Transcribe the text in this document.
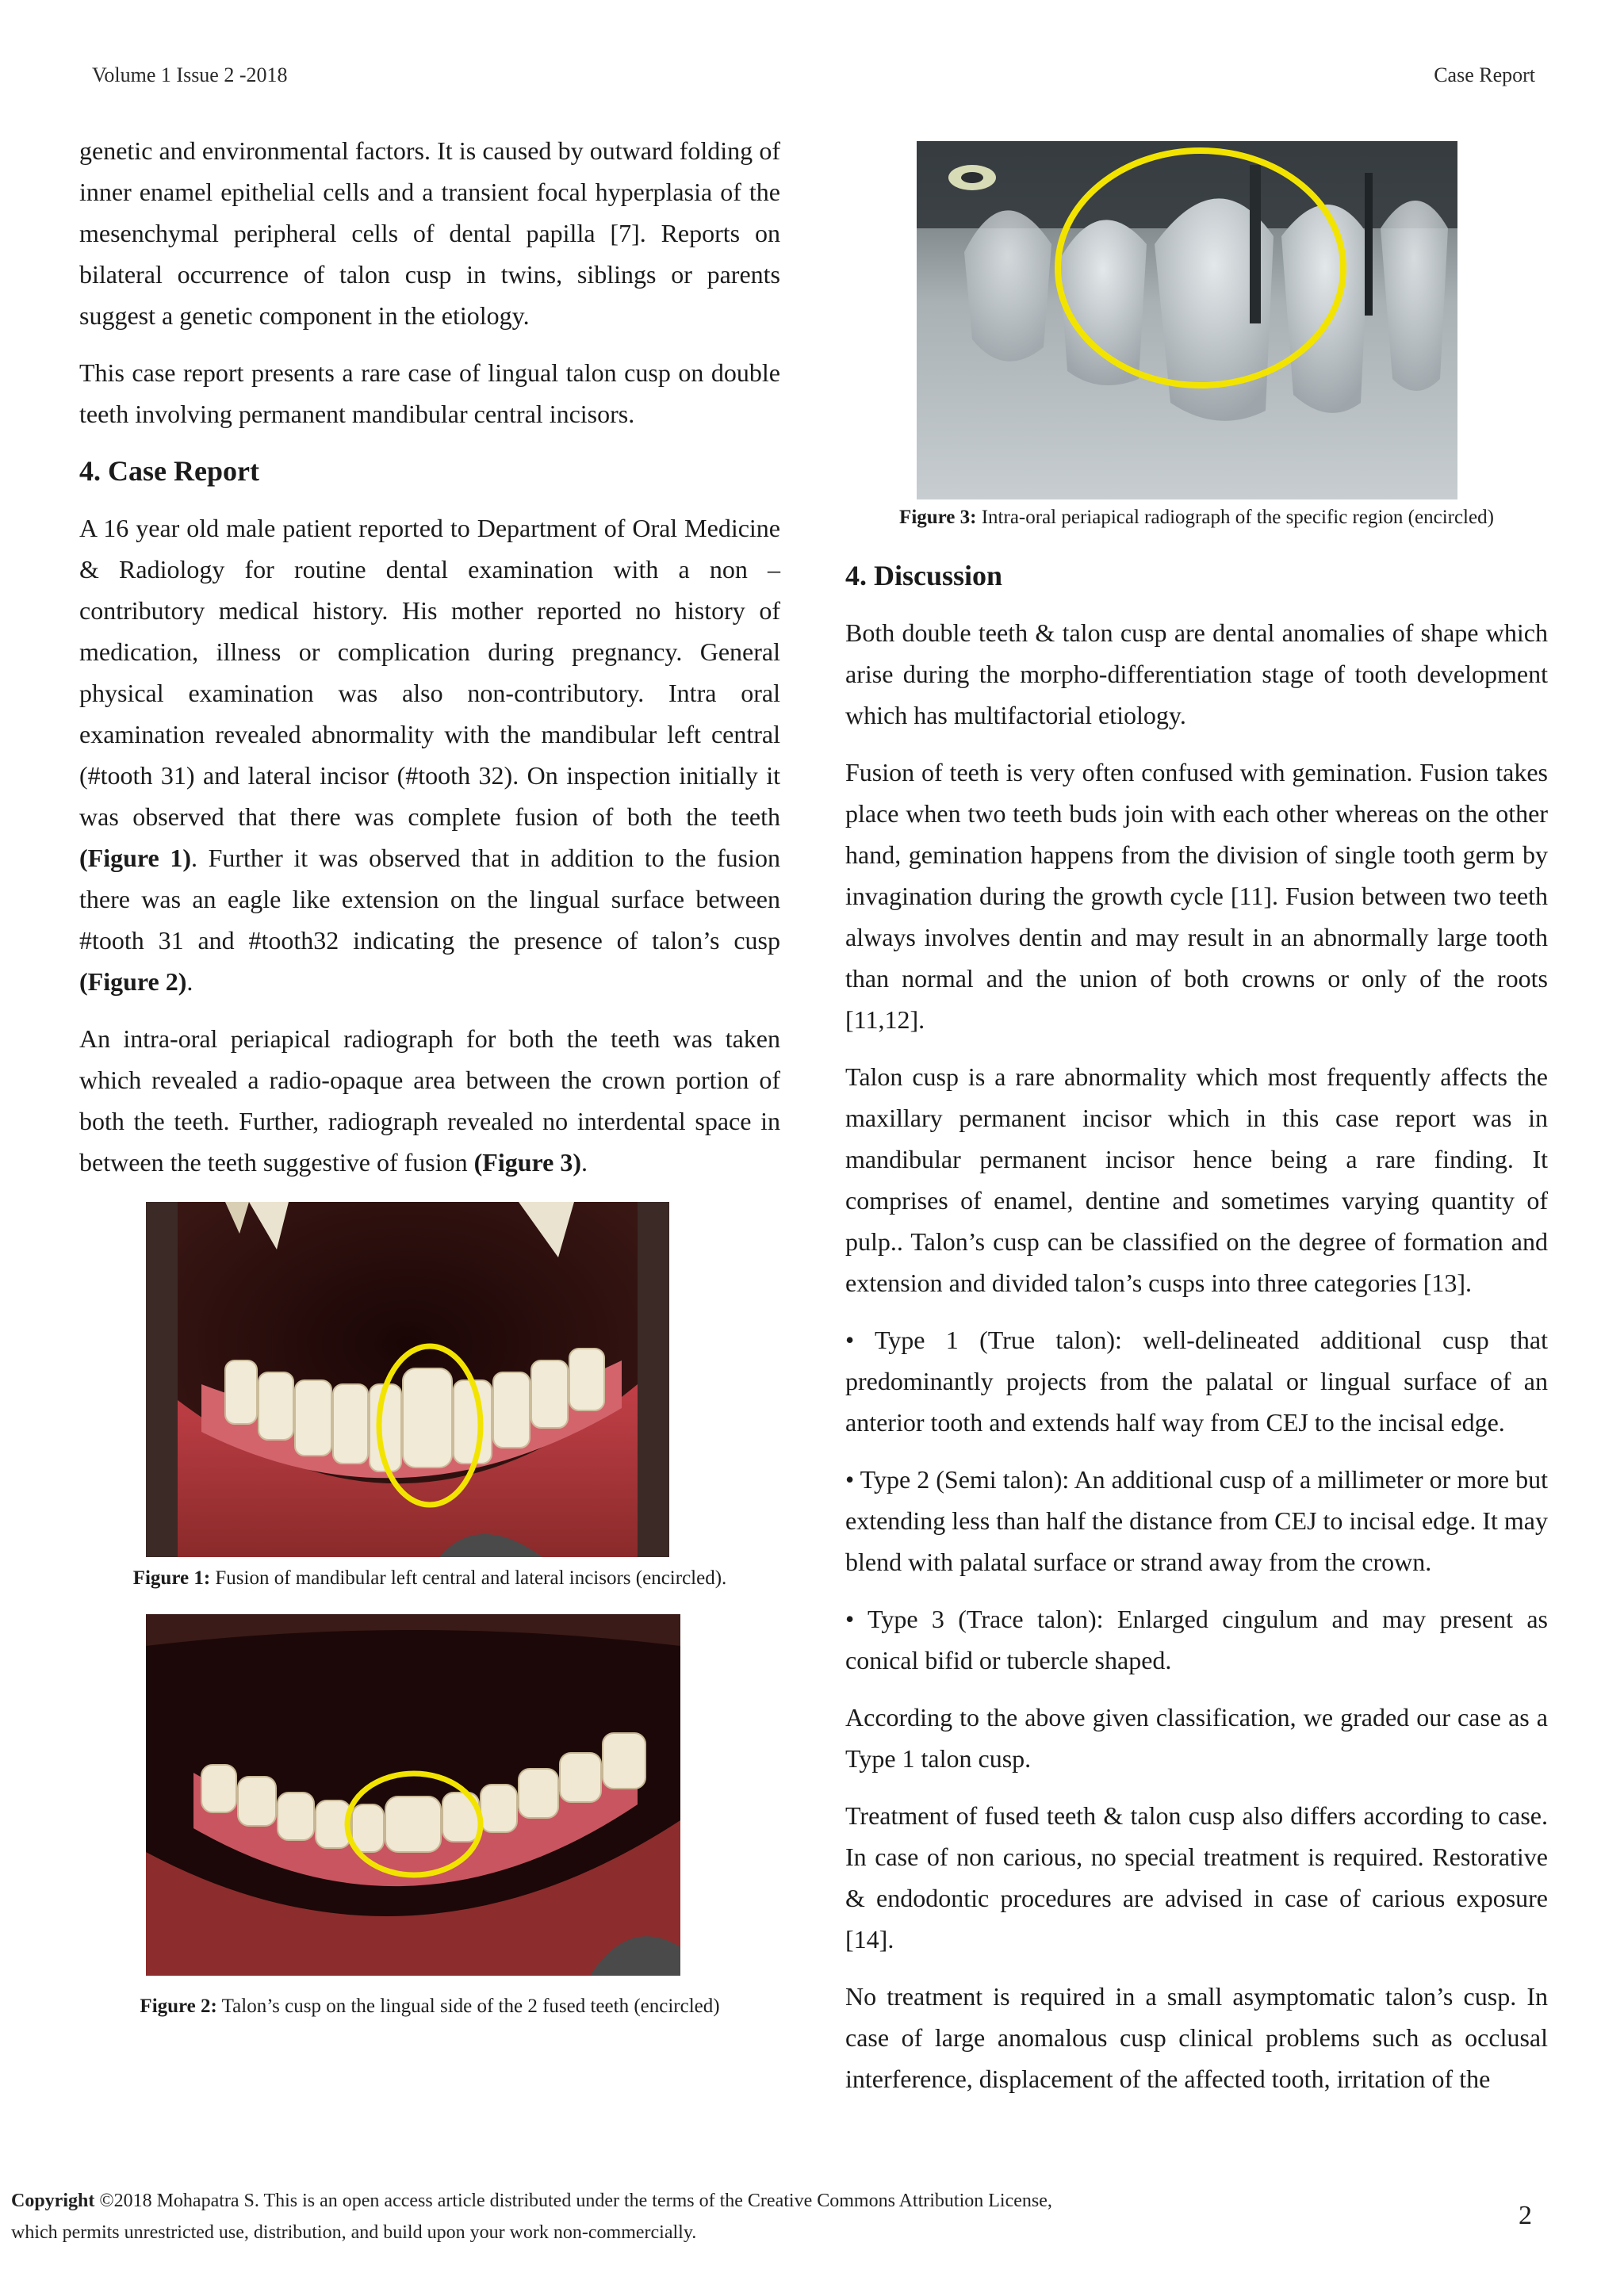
Volume 1 Issue 2 -2018	Case Report

genetic and environmental factors. It is caused by outward folding of inner enamel epithelial cells and a transient focal hyperplasia of the mesenchymal peripheral cells of dental papilla [7]. Reports on bilateral occurrence of talon cusp in twins, siblings or parents suggest a genetic component in the etiology.

This case report presents a rare case of lingual talon cusp on double teeth involving permanent mandibular central incisors.

4. Case Report

A 16 year old male patient reported to Department of Oral Medicine & Radiology for routine dental examination with a non – contributory medical history. His mother reported no history of medication, illness or complication during pregnancy. General physical examination was also non-contributory. Intra oral examination revealed abnormality with the mandibular left central (#tooth 31) and lateral incisor (#tooth 32). On inspection initially it was observed that there was complete fusion of both the teeth (Figure 1). Further it was observed that in addition to the fusion there was an eagle like extension on the lingual surface between #tooth 31 and #tooth32 indicating the presence of talon’s cusp (Figure 2).

An intra-oral periapical radiograph for both the teeth was taken which revealed a radio-opaque area between the crown portion of both the teeth. Further, radiograph revealed no interdental space in between the teeth suggestive of fusion (Figure 3).

Figure 1: Fusion of mandibular left central and lateral incisors (encircled).
Figure 2: Talon’s cusp on the lingual side of the 2 fused teeth (encircled)
Figure 3: Intra-oral periapical radiograph of the specific region (encircled)
4. Discussion

Both double teeth & talon cusp are dental anomalies of shape which arise during the morpho-differentiation stage of tooth development which has multifactorial etiology.

Fusion of teeth is very often confused with gemination. Fusion takes place when two teeth buds join with each other whereas on the other hand, gemination happens from the division of single tooth germ by invagination during the growth cycle [11]. Fusion between two teeth always involves dentin and may result in an abnormally large tooth than normal and the union of both crowns or only of the roots [11,12].

Talon cusp is a rare abnormality which most frequently affects the maxillary permanent incisor which in this case report was in mandibular permanent incisor hence being a rare finding. It comprises of enamel, dentine and sometimes varying quantity of pulp.. Talon’s cusp can be classified on the degree of formation and extension and divided talon’s cusps into three categories [13].

• Type 1 (True talon): well-delineated additional cusp that predominantly projects from the palatal or lingual surface of an anterior tooth and extends half way from CEJ to the incisal edge.

• Type 2 (Semi talon): An additional cusp of a millimeter or more but extending less than half the distance from CEJ to incisal edge. It may blend with palatal surface or strand away from the crown.

• Type 3 (Trace talon): Enlarged cingulum and may present as conical bifid or tubercle shaped.

According to the above given classification, we graded our case as a Type 1 talon cusp.

Treatment of fused teeth & talon cusp also differs according to case. In case of non carious, no special treatment is required. Restorative & endodontic procedures are advised in case of carious exposure [14].

No treatment is required in a small asymptomatic talon’s cusp. In case of large anomalous cusp clinical problems such as occlusal interference, displacement of the affected tooth, irritation of the

Copyright ©2018 Mohapatra S. This is an open access article distributed under the terms of the Creative Commons Attribution License,
which permits unrestricted use, distribution, and build upon your work non-commercially.
2
